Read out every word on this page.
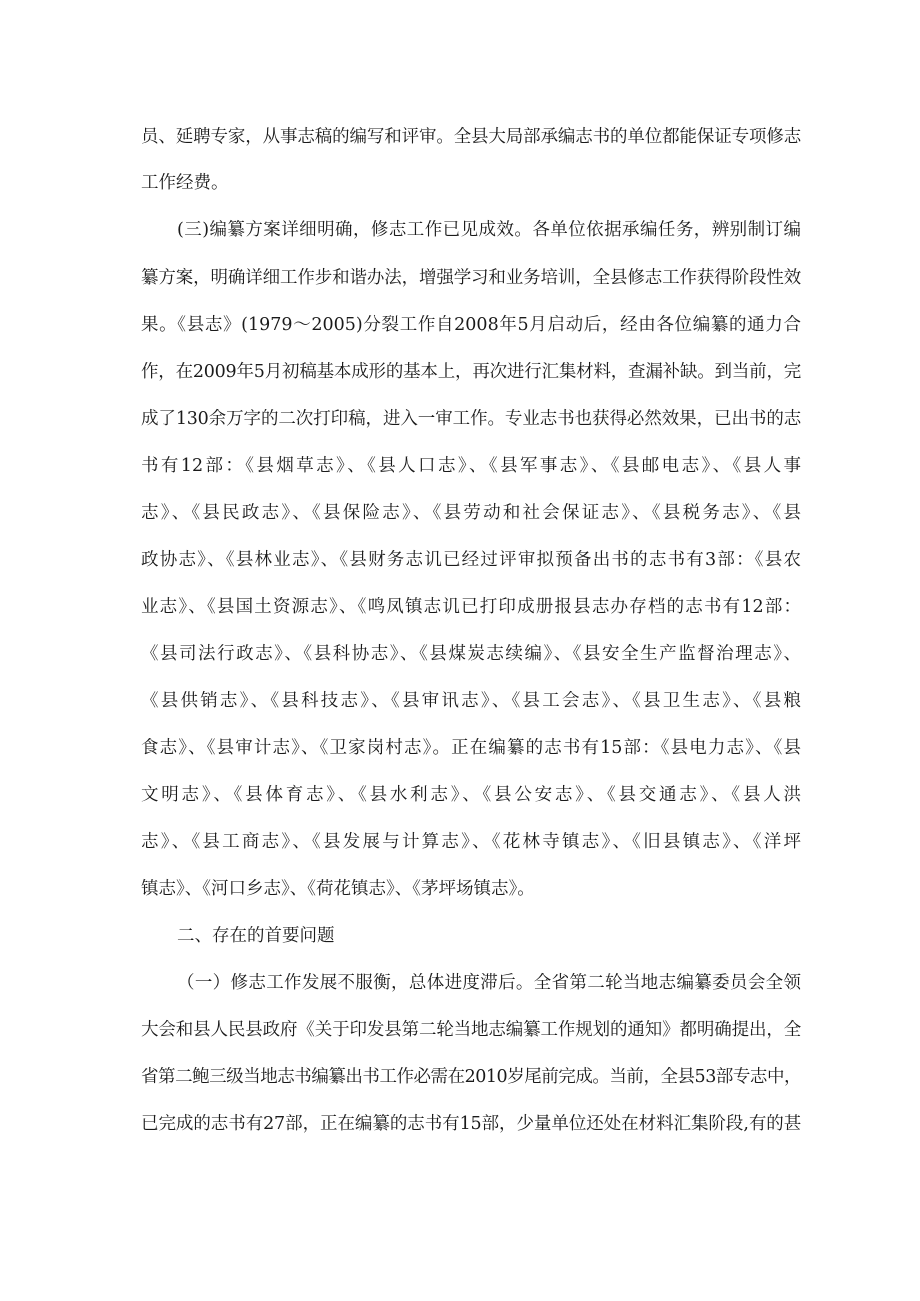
员、延聘专家，从事志稿的编写和评审。全县大局部承编志书的单位都能保证专项修志
工作经费。
(三)编纂方案详细明确，修志工作已见成效。各单位依据承编任务，辨别制订编
纂方案，明确详细工作步和谐办法，增强学习和业务培训，全县修志工作获得阶段性效
果。《县志》(1979～2005)分裂工作自2008年5月启动后，经由各位编纂的通力合
作，在2009年5月初稿基本成形的基本上，再次进行汇集材料，查漏补缺。到当前，完
成了130余万字的二次打印稿，进入一审工作。专业志书也获得必然效果，已出书的志
书有12部：《县烟草志》、《县人口志》、《县军事志》、《县邮电志》、《县人事
志》、《县民政志》、《县保险志》、《县劳动和社会保证志》、《县税务志》、《县
政协志》、《县林业志》、《县财务志讥已经过评审拟预备出书的志书有3部：《县农
业志》、《县国土资源志》、《鸣凤镇志讥已打印成册报县志办存档的志书有12部：
《县司法行政志》、《县科协志》、《县煤炭志续编》、《县安全生产监督治理志》、
《县供销志》、《县科技志》、《县审讯志》、《县工会志》、《县卫生志》、《县粮
食志》、《县审计志》、《卫家岗村志》。正在编纂的志书有15部：《县电力志》、《县
文明志》、《县体育志》、《县水利志》、《县公安志》、《县交通志》、《县人洪
志》、《县工商志》、《县发展与计算志》、《花林寺镇志》、《旧县镇志》、《洋坪
镇志》、《河口乡志》、《荷花镇志》、《茅坪场镇志》。
二、存在的首要问题
（一）修志工作发展不服衡，总体进度滞后。全省第二轮当地志编纂委员会全领
大会和县人民县政府《关于印发县第二轮当地志编纂工作规划的通知》都明确提出，全
省第二鲍三级当地志书编纂出书工作必需在2010岁尾前完成。当前，全县53部专志中，
已完成的志书有27部，正在编纂的志书有15部，少量单位还处在材料汇集阶段,有的甚
